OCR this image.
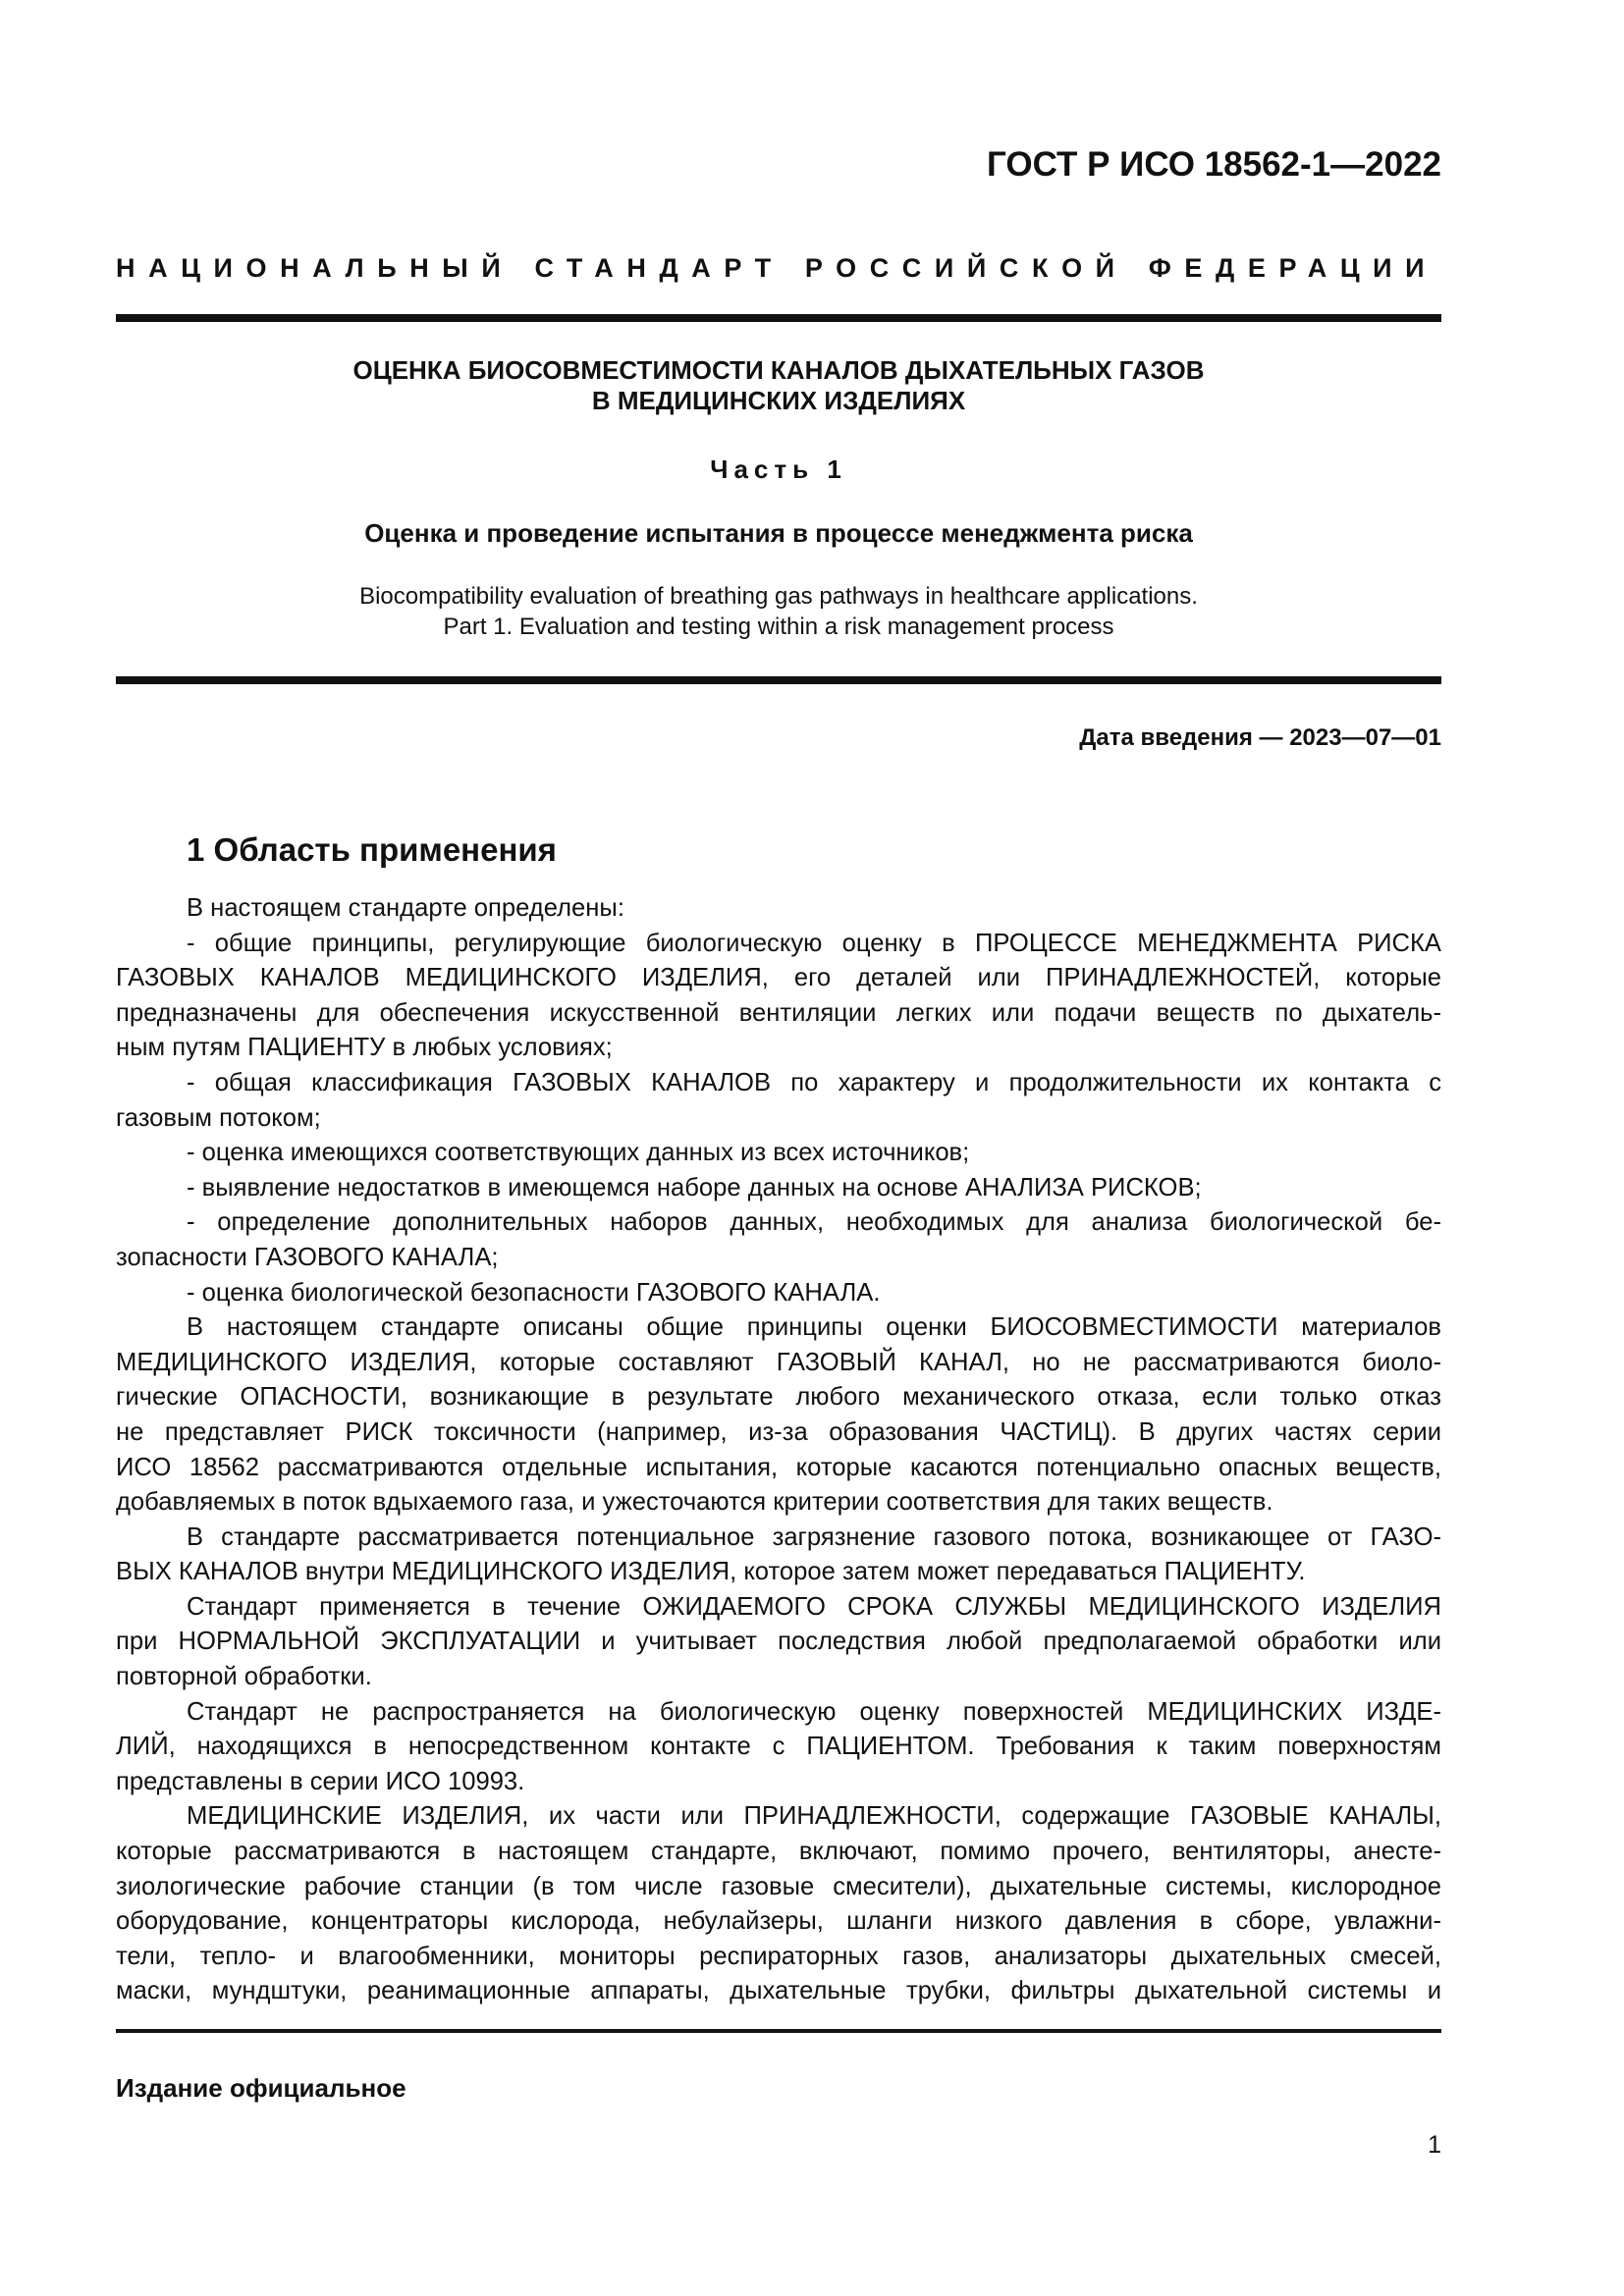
ГОСТ Р ИСО 18562-1—2022
НАЦИОНАЛЬНЫЙ СТАНДАРТ РОССИЙСКОЙ ФЕДЕРАЦИИ
ОЦЕНКА БИОСОВМЕСТИМОСТИ КАНАЛОВ ДЫХАТЕЛЬНЫХ ГАЗОВ
В МЕДИЦИНСКИХ ИЗДЕЛИЯХ
Часть 1
Оценка и проведение испытания в процессе менеджмента риска
Biocompatibility evaluation of breathing gas pathways in healthcare applications.
Part 1. Evaluation and testing within a risk management process
Дата введения — 2023—07—01
1 Область применения
В настоящем стандарте определены:
- общие принципы, регулирующие биологическую оценку в ПРОЦЕССЕ МЕНЕДЖМЕНТА РИСКА
ГАЗОВЫХ КАНАЛОВ МЕДИЦИНСКОГО ИЗДЕЛИЯ, его деталей или ПРИНАДЛЕЖНОСТЕЙ, которые
предназначены для обеспечения искусственной вентиляции легких или подачи веществ по дыхатель-
ным путям ПАЦИЕНТУ в любых условиях;
- общая классификация ГАЗОВЫХ КАНАЛОВ по характеру и продолжительности их контакта с
газовым потоком;
- оценка имеющихся соответствующих данных из всех источников;
- выявление недостатков в имеющемся наборе данных на основе АНАЛИЗА РИСКОВ;
- определение дополнительных наборов данных, необходимых для анализа биологической бе-
зопасности ГАЗОВОГО КАНАЛА;
- оценка биологической безопасности ГАЗОВОГО КАНАЛА.
В настоящем стандарте описаны общие принципы оценки БИОСОВМЕСТИМОСТИ материалов
МЕДИЦИНСКОГО ИЗДЕЛИЯ, которые составляют ГАЗОВЫЙ КАНАЛ, но не рассматриваются биоло-
гические ОПАСНОСТИ, возникающие в результате любого механического отказа, если только отказ
не представляет РИСК токсичности (например, из-за образования ЧАСТИЦ). В других частях серии
ИСО 18562 рассматриваются отдельные испытания, которые касаются потенциально опасных веществ,
добавляемых в поток вдыхаемого газа, и ужесточаются критерии соответствия для таких веществ.
В стандарте рассматривается потенциальное загрязнение газового потока, возникающее от ГАЗО-
ВЫХ КАНАЛОВ внутри МЕДИЦИНСКОГО ИЗДЕЛИЯ, которое затем может передаваться ПАЦИЕНТУ.
Стандарт применяется в течение ОЖИДАЕМОГО СРОКА СЛУЖБЫ МЕДИЦИНСКОГО ИЗДЕЛИЯ
при НОРМАЛЬНОЙ ЭКСПЛУАТАЦИИ и учитывает последствия любой предполагаемой обработки или
повторной обработки.
Стандарт не распространяется на биологическую оценку поверхностей МЕДИЦИНСКИХ ИЗДЕ-
ЛИЙ, находящихся в непосредственном контакте с ПАЦИЕНТОМ. Требования к таким поверхностям
представлены в серии ИСО 10993.
МЕДИЦИНСКИЕ ИЗДЕЛИЯ, их части или ПРИНАДЛЕЖНОСТИ, содержащие ГАЗОВЫЕ КАНАЛЫ,
которые рассматриваются в настоящем стандарте, включают, помимо прочего, вентиляторы, анесте-
зиологические рабочие станции (в том числе газовые смесители), дыхательные системы, кислородное
оборудование, концентраторы кислорода, небулайзеры, шланги низкого давления в сборе, увлажни-
тели, тепло- и влагообменники, мониторы респираторных газов, анализаторы дыхательных смесей,
маски, мундштуки, реанимационные аппараты, дыхательные трубки, фильтры дыхательной системы и
Издание официальное
1
